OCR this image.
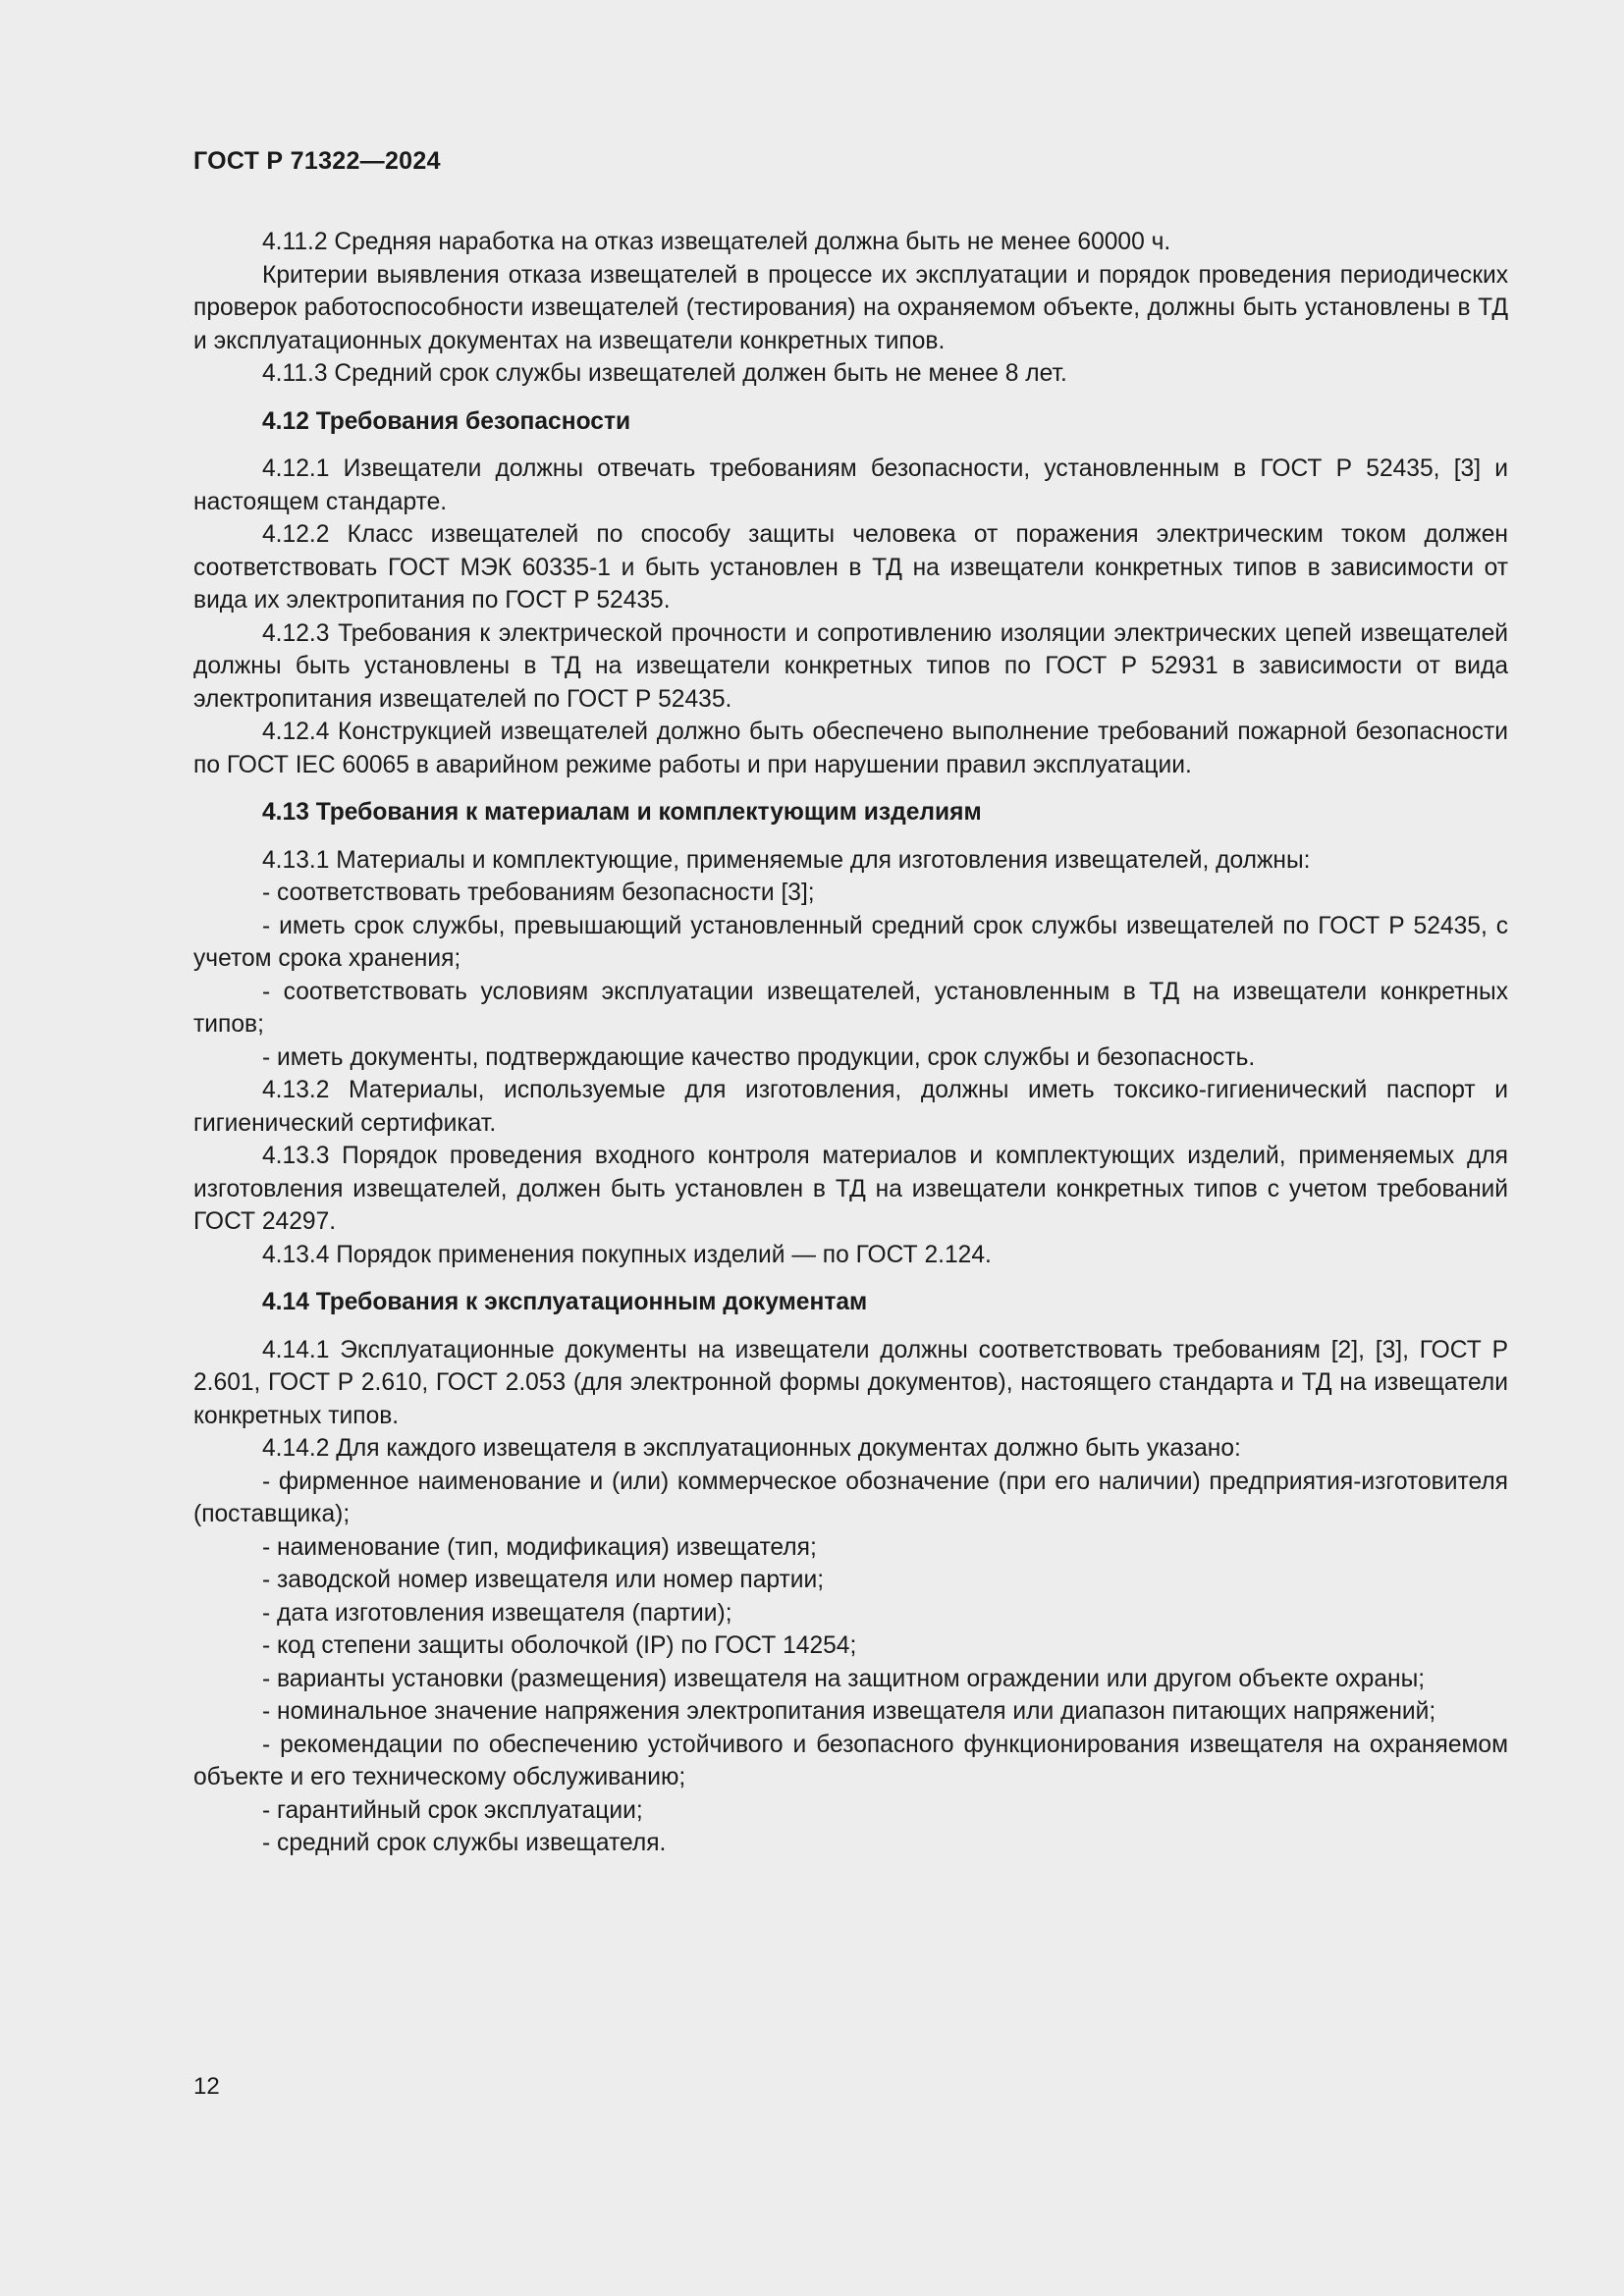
ГОСТ Р 71322—2024

4.11.2 Средняя наработка на отказ извещателей должна быть не менее 60000 ч.

Критерии выявления отказа извещателей в процессе их эксплуатации и порядок проведения периодических проверок работоспособности извещателей (тестирования) на охраняемом объекте, должны быть установлены в ТД и эксплуатационных документах на извещатели конкретных типов.

4.11.3 Средний срок службы извещателей должен быть не менее 8 лет.

4.12 Требования безопасности

4.12.1 Извещатели должны отвечать требованиям безопасности, установленным в ГОСТ Р 52435, [3] и настоящем стандарте.

4.12.2 Класс извещателей по способу защиты человека от поражения электрическим током должен соответствовать ГОСТ МЭК 60335-1 и быть установлен в ТД на извещатели конкретных типов в зависимости от вида их электропитания по ГОСТ Р 52435.

4.12.3 Требования к электрической прочности и сопротивлению изоляции электрических цепей извещателей должны быть установлены в ТД на извещатели конкретных типов по ГОСТ Р 52931 в зависимости от вида электропитания извещателей по ГОСТ Р 52435.

4.12.4 Конструкцией извещателей должно быть обеспечено выполнение требований пожарной безопасности по ГОСТ IEC 60065 в аварийном режиме работы и при нарушении правил эксплуатации.

4.13 Требования к материалам и комплектующим изделиям

4.13.1 Материалы и комплектующие, применяемые для изготовления извещателей, должны:

- соответствовать требованиям безопасности [3];

- иметь срок службы, превышающий установленный средний срок службы извещателей по ГОСТ Р 52435, с учетом срока хранения;

- соответствовать условиям эксплуатации извещателей, установленным в ТД на извещатели конкретных типов;

- иметь документы, подтверждающие качество продукции, срок службы и безопасность.

4.13.2 Материалы, используемые для изготовления, должны иметь токсико-гигиенический паспорт и гигиенический сертификат.

4.13.3 Порядок проведения входного контроля материалов и комплектующих изделий, применяемых для изготовления извещателей, должен быть установлен в ТД на извещатели конкретных типов с учетом требований ГОСТ 24297.

4.13.4 Порядок применения покупных изделий — по ГОСТ 2.124.

4.14 Требования к эксплуатационным документам

4.14.1 Эксплуатационные документы на извещатели должны соответствовать требованиям [2], [3], ГОСТ Р 2.601, ГОСТ Р 2.610, ГОСТ 2.053 (для электронной формы документов), настоящего стандарта и ТД на извещатели конкретных типов.

4.14.2 Для каждого извещателя в эксплуатационных документах должно быть указано:

- фирменное наименование и (или) коммерческое обозначение (при его наличии) предприятия-изготовителя (поставщика);

- наименование (тип, модификация) извещателя;

- заводской номер извещателя или номер партии;

- дата изготовления извещателя (партии);

- код степени защиты оболочкой (IP) по ГОСТ 14254;

- варианты установки (размещения) извещателя на защитном ограждении или другом объекте охраны;

- номинальное значение напряжения электропитания извещателя или диапазон питающих напряжений;

- рекомендации по обеспечению устойчивого и безопасного функционирования извещателя на охраняемом объекте и его техническому обслуживанию;

- гарантийный срок эксплуатации;

- средний срок службы извещателя.

12
